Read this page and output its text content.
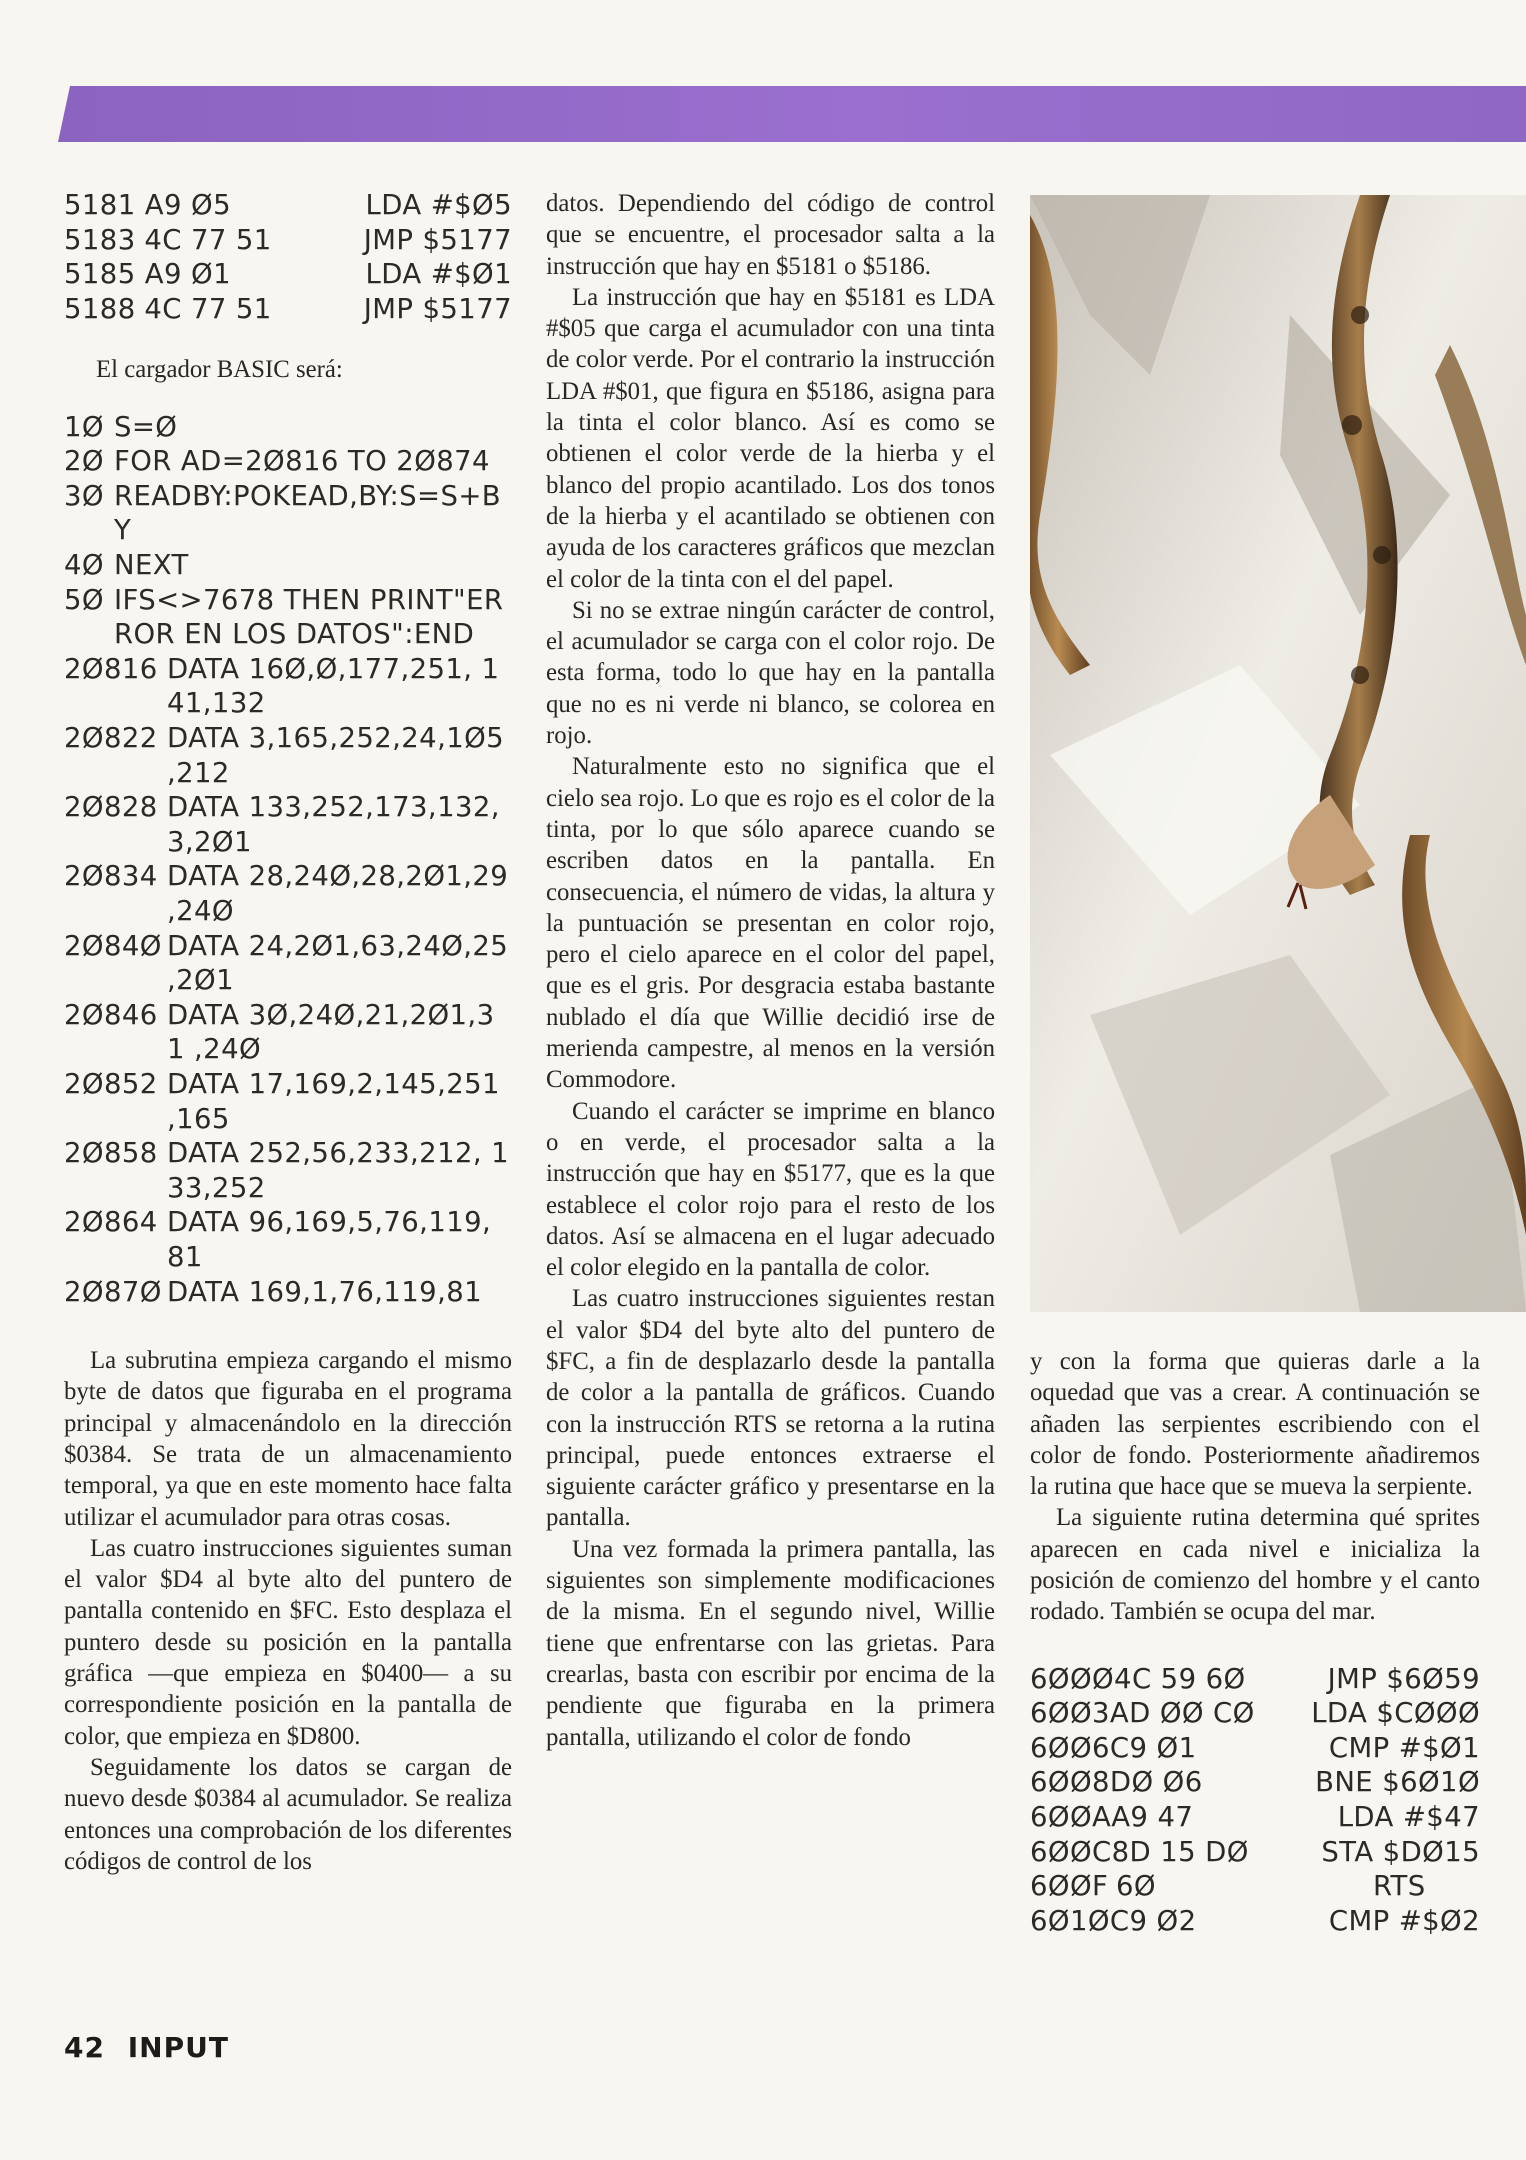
5181 A9 Ø5	LDA #$Ø5
5183 4C 77 51	JMP $5177
5185 A9 Ø1	LDA #$Ø1
5188 4C 77 51	JMP $5177

El cargador BASIC será:

1Ø S=Ø
2Ø FOR AD=2Ø816 TO 2Ø874
3Ø READBY:POKEAD,BY:S=S+B Y
4Ø NEXT
5Ø IFS<>7678 THEN PRINT"ERROR EN LOS DATOS":END
2Ø816 DATA 16Ø,Ø,177,251, 141,132
2Ø822 DATA 3,165,252,24,1Ø5 ,212
2Ø828 DATA 133,252,173,132, 3,2Ø1
2Ø834 DATA 28,24Ø,28,2Ø1,29 ,24Ø
2Ø84Ø DATA 24,2Ø1,63,24Ø,25 ,2Ø1
2Ø846 DATA 3Ø,24Ø,21,2Ø1,31 ,24Ø
2Ø852 DATA 17,169,2,145,251 ,165
2Ø858 DATA 252,56,233,212, 133,252
2Ø864 DATA 96,169,5,76,119, 81
2Ø87Ø DATA 169,1,76,119,81

La subrutina empieza cargando el mismo byte de datos que figuraba en el programa principal y almacenándolo en la dirección $0384. Se trata de un almacenamiento temporal, ya que en este momento hace falta utilizar el acumulador para otras cosas.

Las cuatro instrucciones siguientes suman el valor $D4 al byte alto del puntero de pantalla contenido en $FC. Esto desplaza el puntero desde su posición en la pantalla gráfica —que empieza en $0400— a su correspondiente posición en la pantalla de color, que empieza en $D800.

Seguidamente los datos se cargan de nuevo desde $0384 al acumulador. Se realiza entonces una comprobación de los diferentes códigos de control de los

datos. Dependiendo del código de control que se encuentre, el procesador salta a la instrucción que hay en $5181 o $5186.

La instrucción que hay en $5181 es LDA #$05 que carga el acumulador con una tinta de color verde. Por el contrario la instrucción LDA #$01, que figura en $5186, asigna para la tinta el color blanco. Así es como se obtienen el color verde de la hierba y el blanco del propio acantilado. Los dos tonos de la hierba y el acantilado se obtienen con ayuda de los caracteres gráficos que mezclan el color de la tinta con el del papel.

Si no se extrae ningún carácter de control, el acumulador se carga con el color rojo. De esta forma, todo lo que hay en la pantalla que no es ni verde ni blanco, se colorea en rojo.

Naturalmente esto no significa que el cielo sea rojo. Lo que es rojo es el color de la tinta, por lo que sólo aparece cuando se escriben datos en la pantalla. En consecuencia, el número de vidas, la altura y la puntuación se presentan en color rojo, pero el cielo aparece en el color del papel, que es el gris. Por desgracia estaba bastante nublado el día que Willie decidió irse de merienda campestre, al menos en la versión Commodore.

Cuando el carácter se imprime en blanco o en verde, el procesador salta a la instrucción que hay en $5177, que es la que establece el color rojo para el resto de los datos. Así se almacena en el lugar adecuado el color elegido en la pantalla de color.

Las cuatro instrucciones siguientes restan el valor $D4 del byte alto del puntero de $FC, a fin de desplazarlo desde la pantalla de color a la pantalla de gráficos. Cuando con la instrucción RTS se retorna a la rutina principal, puede entonces extraerse el siguiente carácter gráfico y presentarse en la pantalla.

Una vez formada la primera pantalla, las siguientes son simplemente modificaciones de la misma. En el segundo nivel, Willie tiene que enfrentarse con las grietas. Para crearlas, basta con escribir por encima de la pendiente que figuraba en la primera pantalla, utilizando el color de fondo

y con la forma que quieras darle a la oquedad que vas a crear. A continuación se añaden las serpientes escribiendo con el color de fondo. Posteriormente añadiremos la rutina que hace que se mueva la serpiente.

La siguiente rutina determina qué sprites aparecen en cada nivel e inicializa la posición de comienzo del hombre y el canto rodado. También se ocupa del mar.

6ØØØ 4C 59 6Ø	JMP $6Ø59
6ØØ3 AD ØØ CØ	LDA $CØØØ
6ØØ6 C9 Ø1	CMP #$Ø1
6ØØ8 DØ Ø6	BNE $6Ø1Ø
6ØØA A9 47	LDA #$47
6ØØC 8D 15 DØ	STA $DØ15
6ØØF 6Ø	RTS
6Ø1Ø C9 Ø2	CMP #$Ø2
42 INPUT
